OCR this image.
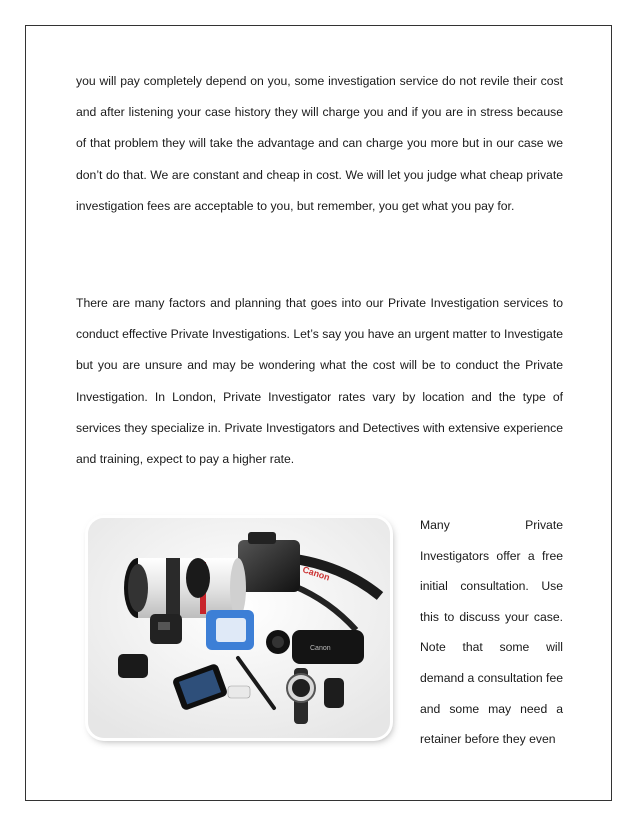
you will pay completely depend on you, some investigation service do not revile their cost and after listening your case history they will charge you and if you are in stress because of that problem they will take the advantage and can charge you more but in our case we don’t do that. We are constant and cheap in cost. We will let you judge what cheap private investigation fees are acceptable to you, but remember, you get what you pay for.

There are many factors and planning that goes into our Private Investigation services to conduct effective Private Investigations. Let’s say you have an urgent matter to Investigate but you are unsure and may be wondering what the cost will be to conduct the Private Investigation. In London, Private Investigator rates vary by location and the type of services they specialize in. Private Investigators and Detectives with extensive experience and training, expect to pay a higher rate.

Canon
Canon

Many Private Investigators offer a free initial consultation. Use this to discuss your case. Note that some will demand a consultation fee and some may need a retainer before they even
